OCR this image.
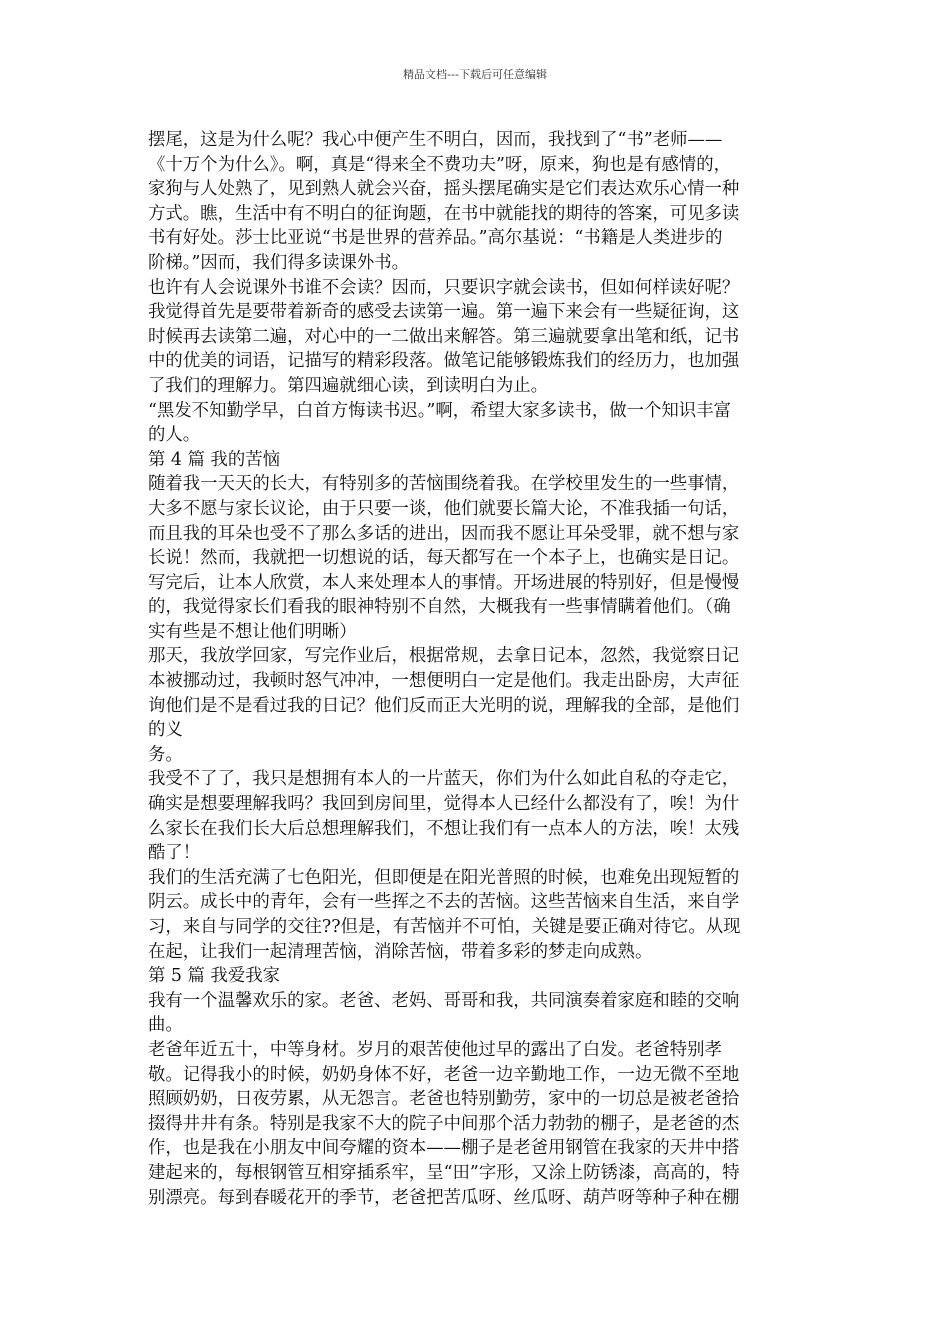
精品文档---下载后可任意编辑
摆尾，这是为什么呢？我心中便产生不明白，因而，我找到了“书”老师——
《十万个为什么》。啊，真是“得来全不费功夫”呀，原来，狗也是有感情的，
家狗与人处熟了，见到熟人就会兴奋，摇头摆尾确实是它们表达欢乐心情一种
方式。瞧，生活中有不明白的征询题，在书中就能找的期待的答案，可见多读
书有好处。莎士比亚说“书是世界的营养品。”高尔基说：“书籍是人类进步的
阶梯。”因而，我们得多读课外书。
也许有人会说课外书谁不会读？因而，只要识字就会读书，但如何样读好呢？
我觉得首先是要带着新奇的感受去读第一遍。第一遍下来会有一些疑征询，这
时候再去读第二遍，对心中的一二做出来解答。第三遍就要拿出笔和纸，记书
中的优美的词语，记描写的精彩段落。做笔记能够锻炼我们的经历力，也加强
了我们的理解力。第四遍就细心读，到读明白为止。
“黑发不知勤学早，白首方悔读书迟。”啊，希望大家多读书，做一个知识丰富
的人。
第 4 篇 我的苦恼
随着我一天天的长大，有特别多的苦恼围绕着我。在学校里发生的一些事情，
大多不愿与家长议论，由于只要一谈，他们就要长篇大论，不准我插一句话，
而且我的耳朵也受不了那么多话的进出，因而我不愿让耳朵受罪，就不想与家
长说！然而，我就把一切想说的话，每天都写在一个本子上，也确实是日记。
写完后，让本人欣赏，本人来处理本人的事情。开场进展的特别好，但是慢慢
的，我觉得家长们看我的眼神特别不自然，大概我有一些事情瞒着他们。（确
实有些是不想让他们明晰）
那天，我放学回家，写完作业后，根据常规，去拿日记本，忽然，我觉察日记
本被挪动过，我顿时怒气冲冲，一想便明白一定是他们。我走出卧房，大声征
询他们是不是看过我的日记？他们反而正大光明的说，理解我的全部，是他们
的义
务。
我受不了了，我只是想拥有本人的一片蓝天，你们为什么如此自私的夺走它，
确实是想要理解我吗？我回到房间里，觉得本人已经什么都没有了，唉！为什
么家长在我们长大后总想理解我们，不想让我们有一点本人的方法，唉！太残
酷了！
我们的生活充满了七色阳光，但即便是在阳光普照的时候，也难免出现短暂的
阴云。成长中的青年，会有一些挥之不去的苦恼。这些苦恼来自生活，来自学
习，来自与同学的交往??但是，有苦恼并不可怕，关键是要正确对待它。从现
在起，让我们一起清理苦恼，消除苦恼，带着多彩的梦走向成熟。
第 5 篇 我爱我家
我有一个温馨欢乐的家。老爸、老妈、哥哥和我，共同演奏着家庭和睦的交响
曲。
老爸年近五十，中等身材。岁月的艰苦使他过早的露出了白发。老爸特别孝
敬。记得我小的时候，奶奶身体不好，老爸一边辛勤地工作，一边无微不至地
照顾奶奶，日夜劳累，从无怨言。老爸也特别勤劳，家中的一切总是被老爸拾
掇得井井有条。特别是我家不大的院子中间那个活力勃勃的棚子，是老爸的杰
作，也是我在小朋友中间夸耀的资本——棚子是老爸用钢管在我家的天井中搭
建起来的，每根钢管互相穿插系牢，呈“田”字形，又涂上防锈漆，高高的，特
别漂亮。每到春暖花开的季节，老爸把苦瓜呀、丝瓜呀、葫芦呀等种子种在棚
